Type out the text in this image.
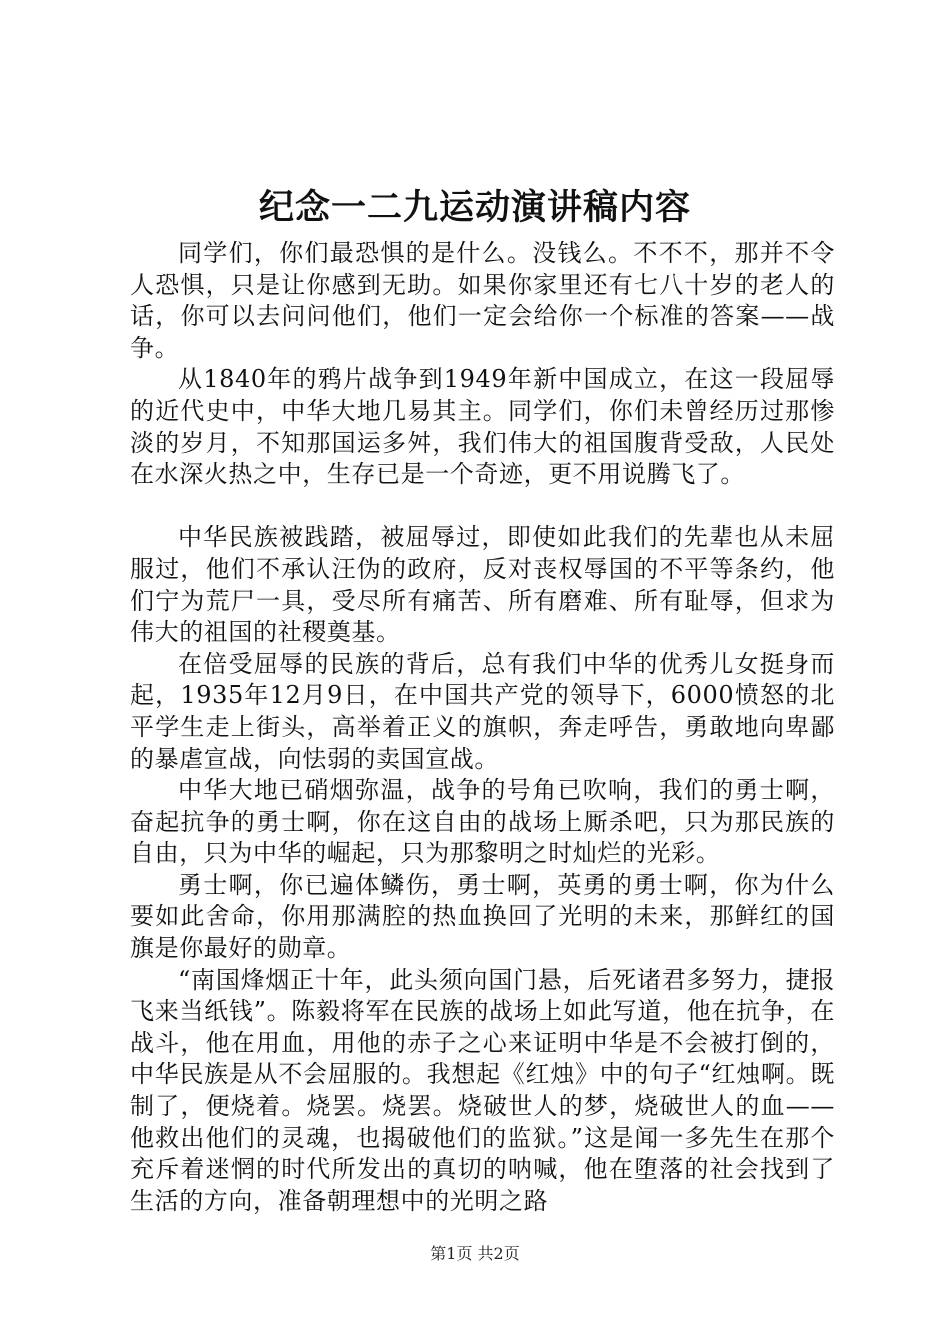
纪念一二九运动演讲稿内容

同学们，你们最恐惧的是什么。没钱么。不不不，那并不令人恐惧，只是让你感到无助。如果你家里还有七八十岁的老人的话，你可以去问问他们，他们一定会给你一个标准的答案——战争。

从1840年的鸦片战争到1949年新中国成立，在这一段屈辱的近代史中，中华大地几易其主。同学们，你们未曾经历过那惨淡的岁月，不知那国运多舛，我们伟大的祖国腹背受敌，人民处在水深火热之中，生存已是一个奇迹，更不用说腾飞了。

中华民族被践踏，被屈辱过，即使如此我们的先辈也从未屈服过，他们不承认汪伪的政府，反对丧权辱国的不平等条约，他们宁为荒尸一具，受尽所有痛苦、所有磨难、所有耻辱，但求为伟大的祖国的社稷奠基。

在倍受屈辱的民族的背后，总有我们中华的优秀儿女挺身而起，1935年12月9日，在中国共产党的领导下，6000愤怒的北平学生走上街头，高举着正义的旗帜，奔走呼告，勇敢地向卑鄙的暴虐宣战，向怯弱的卖国宣战。

中华大地已硝烟弥温，战争的号角已吹响，我们的勇士啊，奋起抗争的勇士啊，你在这自由的战场上厮杀吧，只为那民族的自由，只为中华的崛起，只为那黎明之时灿烂的光彩。

勇士啊，你已遍体鳞伤，勇士啊，英勇的勇士啊，你为什么要如此舍命，你用那满腔的热血换回了光明的未来，那鲜红的国旗是你最好的勋章。

“南国烽烟正十年，此头须向国门悬，后死诸君多努力，捷报飞来当纸钱”。陈毅将军在民族的战场上如此写道，他在抗争，在战斗，他在用血，用他的赤子之心来证明中华是不会被打倒的，中华民族是从不会屈服的。我想起《红烛》中的句子“红烛啊。既制了，便烧着。烧罢。烧罢。烧破世人的梦，烧破世人的血——他救出他们的灵魂，也揭破他们的监狱。”这是闻一多先生在那个充斥着迷惘的时代所发出的真切的呐喊，他在堕落的社会找到了生活的方向，准备朝理想中的光明之路

第1页 共2页
